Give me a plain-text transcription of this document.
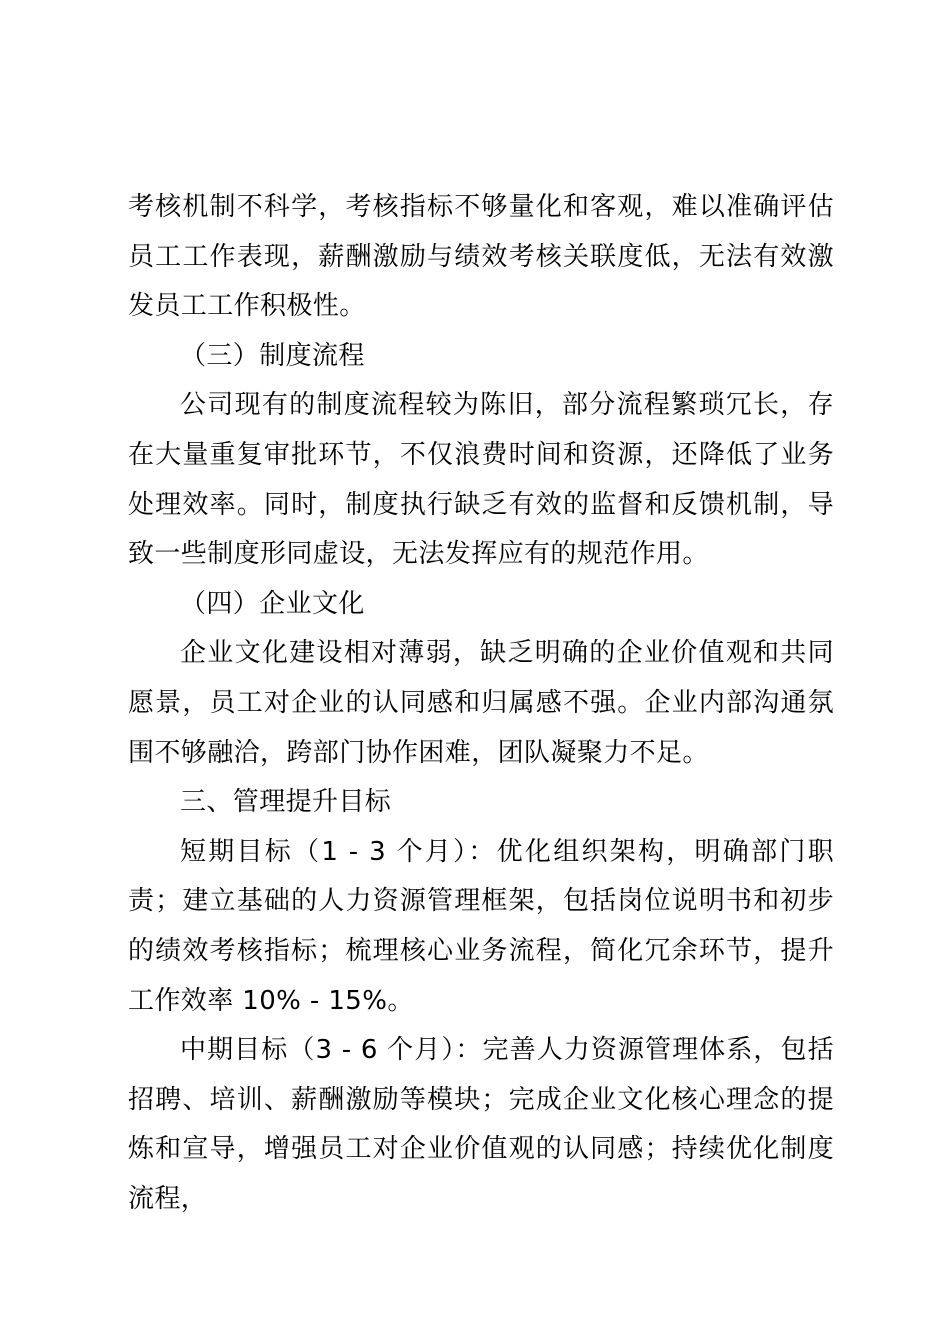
考核机制不科学，考核指标不够量化和客观，难以准确评估员工工作表现，薪酬激励与绩效考核关联度低，无法有效激发员工工作积极性。

（三）制度流程

公司现有的制度流程较为陈旧，部分流程繁琐冗长，存在大量重复审批环节，不仅浪费时间和资源，还降低了业务处理效率。同时，制度执行缺乏有效的监督和反馈机制，导致一些制度形同虚设，无法发挥应有的规范作用。

（四）企业文化

企业文化建设相对薄弱，缺乏明确的企业价值观和共同愿景，员工对企业的认同感和归属感不强。企业内部沟通氛围不够融洽，跨部门协作困难，团队凝聚力不足。

三、管理提升目标

短期目标（1 - 3 个月）：优化组织架构，明确部门职责；建立基础的人力资源管理框架，包括岗位说明书和初步的绩效考核指标；梳理核心业务流程，简化冗余环节，提升工作效率 10% - 15%。

中期目标（3 - 6 个月）：完善人力资源管理体系，包括招聘、培训、薪酬激励等模块；完成企业文化核心理念的提炼和宣导，增强员工对企业价值观的认同感；持续优化制度流程，
